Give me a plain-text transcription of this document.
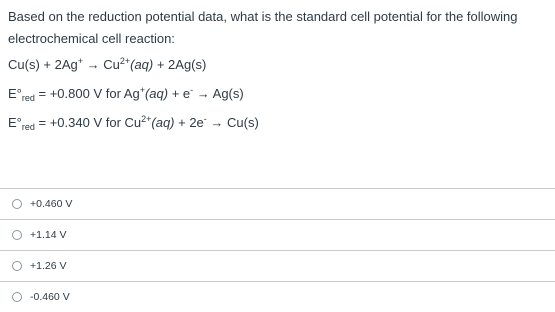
Based on the reduction potential data, what is the standard cell potential for the following

electrochemical cell reaction:

$Cu(s) + 2Ag^+ \to Cu^{2+}(aq) + 2Ag(s)$
$E^\circ_{red} = +0.800$ V for Ag+(aq) + e- → Ag(s)
$E^\circ_{red} = +0.340$ V for $Cu^{2+}(aq) + 2e^- \to Cu(s)$
+0.460 V
+1.14 V
+1.26 V
-0.460 V
